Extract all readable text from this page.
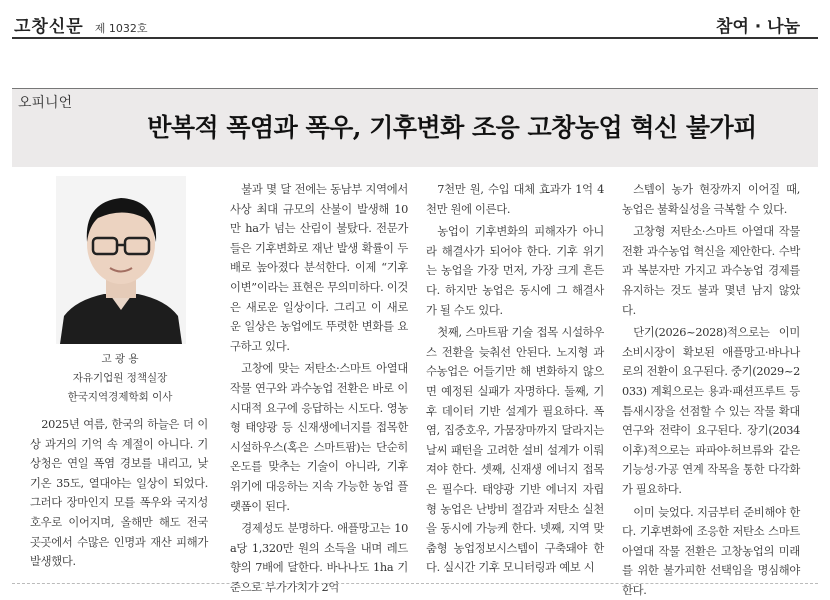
고창신문 제 1032호	참여 · 나눔
오피니언
반복적 폭염과 폭우, 기후변화 조응 고창농업 혁신 불가피
고 광 용
자유기업원 정책실장
한국지역경제학회 이사

2025년 여름, 한국의 하늘은 더 이상 과거의 기억 속 계절이 아니다. 기상청은 연일 폭염 경보를 내리고, 낮 기온 35도, 열대야는 일상이 되었다. 그러다 장마인지 모를 폭우와 국지성 호우로 이어지며, 올해만 해도 전국 곳곳에서 수많은 인명과 재산 피해가 발생했다.

불과 몇 달 전에는 동남부 지역에서 사상 최대 규모의 산불이 발생해 10만 ha가 넘는 산림이 불탔다. 전문가들은 기후변화로 재난 발생 확률이 두 배로 높아졌다 분석한다. 이제 “기후 이변”이라는 표현은 무의미하다. 이것은 새로운 일상이다. 그리고 이 새로운 일상은 농업에도 뚜렷한 변화를 요구하고 있다.

고창에 맞는 저탄소·스마트 아열대작물 연구와 과수농업 전환은 바로 이 시대적 요구에 응답하는 시도다. 영농형 태양광 등 신재생에너지를 접목한 시설하우스(혹은 스마트팜)는 단순히 온도를 맞추는 기술이 아니라, 기후 위기에 대응하는 지속 가능한 농업 플랫폼이 된다.

경제성도 분명하다. 애플망고는 10a당 1,320만 원의 소득을 내며 레드향의 7배에 달한다. 바나나도 1ha 기준으로 부가가치가 2억

7천만 원, 수입 대체 효과가 1억 4천만 원에 이른다.

농업이 기후변화의 피해자가 아니라 해결사가 되어야 한다. 기후 위기는 농업을 가장 먼저, 가장 크게 흔든다. 하지만 농업은 동시에 그 해결사가 될 수도 있다.

첫째, 스마트팜 기술 접목 시설하우스 전환을 늦춰선 안된다. 노지형 과수농업은 어들기만 해 변화하지 않으면 예정된 실패가 자명하다. 둘째, 기후 데이터 기반 설계가 필요하다. 폭염, 집중호우, 가뭄장마까지 달라지는 날씨 패턴을 고려한 설비 설계가 이뤄져야 한다. 셋째, 신재생 에너지 접목은 필수다. 태양광 기반 에너지 자립형 농업은 난방비 절감과 저탄소 실천을 동시에 가능케 한다. 넷째, 지역 맞춤형 농업정보시스템이 구축돼야 한다. 실시간 기후 모니터링과 예보 시

스템이 농가 현장까지 이어질 때, 농업은 불확실성을 극복할 수 있다.

고창형 저탄소·스마트 아열대 작물 전환 과수농업 혁신을 제안한다. 수박과 복분자만 가지고 과수농업 경제를 유지하는 것도 불과 몇년 남지 않았다.

단기(2026~2028)적으로는 이미 소비시장이 확보된 애플망고·바나나로의 전환이 요구된다. 중기(2029~2033) 계획으로는 용과·패션프루트 등 틈새시장을 선점할 수 있는 작물 확대 연구와 전략이 요구된다. 장기(2034 이후)적으로는 파파야·허브류와 같은 기능성·가공 연계 작목을 통한 다각화가 필요하다.

이미 늦었다. 지금부터 준비해야 한다. 기후변화에 조응한 저탄소 스마트 아열대 작물 전환은 고창농업의 미래를 위한 불가피한 선택임을 명심해야 한다.
